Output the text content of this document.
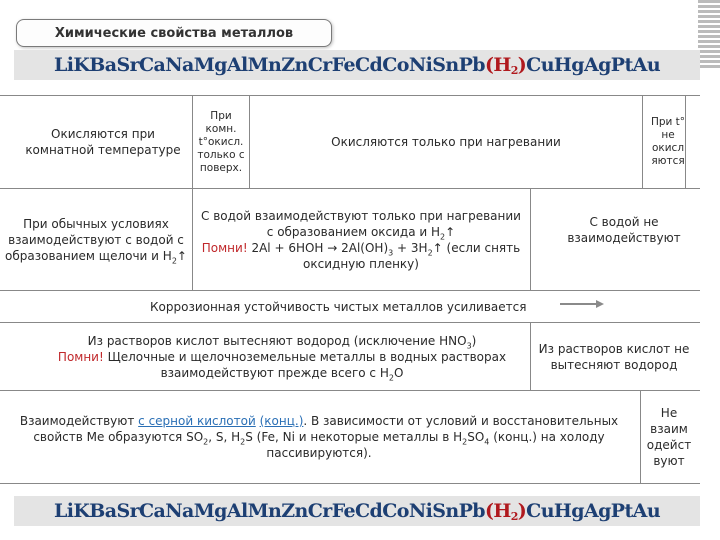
Химические свойства металлов
Li K Ba Sr Ca Na Mg Al Mn Zn Cr Fe Cd Co Ni Sn Pb $(H_2)$ Cu Hg Ag Pt Au
Окисляются при комнатной температуре
При комн. t°окисл. только с поверх.
Окисляются только при нагревании
При t° не окисл яются
При обычных условиях взаимодействуют с водой с образованием щелочи и $H_2↑$
С водой взаимодействуют только при нагревании с образованием оксида и $H_2↑$
Помни! $2Al + 6HOH \to 2Al(OH)_3$ + $3H_2↑$ (если снять оксидную пленку)
С водой не взаимодействуют
Коррозионная устойчивость чистых металлов усиливается
Из растворов кислот вытесняют водород (исключение $HNO_3$)
Помни! Щелочные и щелочноземельные металлы в водных растворах взаимодействуют прежде всего с $H_2O$
Из растворов кислот не вытесняют водород
Взаимодействуют с серной кислотой (конц.). В зависимости от условий и восстановительных свойств Me образуются $SO_2$, S, $H_2S$ (Fe, Ni и некоторые металлы в $H_2SO_4$ (конц.) на холоду пассивируются).
Не взаим одейст вуют
Li K Ba Sr Ca Na Mg Al Mn Zn Cr Fe Cd Co Ni Sn Pb $(H_2)$ Cu Hg Ag Pt Au
